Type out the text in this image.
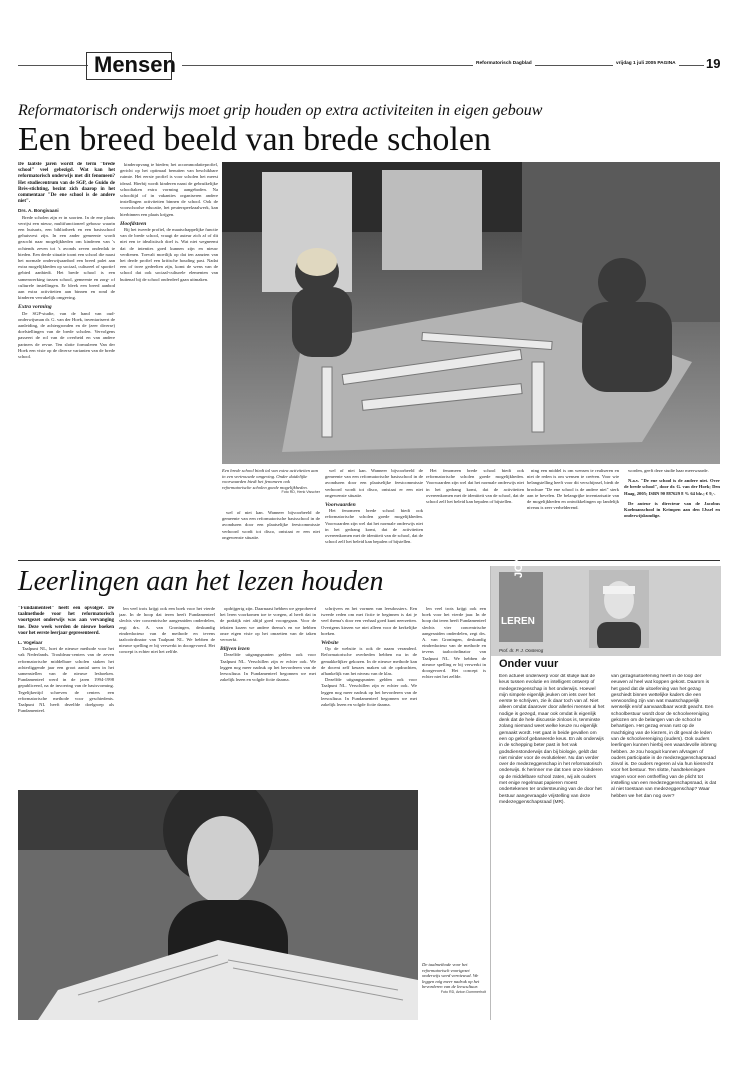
Mensen	Reformatorisch Dagblad	vrijdag 1 juli 2005 PAGINA 19
Reformatorisch onderwijs moet grip houden op extra activiteiten in eigen gebouw
Een breed beeld van brede scholen
De laatste jaren wordt de term "brede school" veel gebezigd. Wat kan het reformatorisch onderwijs met dit fenomeen? Het studiecentrum van de SGP, de Guido de Brès-stichting, bezint zich daarop in het commentaar "De ene school is de andere niet".
Drs. A. Bongivaani

Brede scholen zijn er in soorten. In de ene plaats verrijst een nieuw, multifunctioneel gebouw waarin een huisarts, een bibliotheek en een basisschool gehuisvest zijn. In een ander gemeente wordt gezocht naar mogelijkheden om kinderen van 's ochtends zeven tot 's avonds zeven onderdak te bieden. Een derde situatie toont een school die naast het normale onderwijsaanbod een breed palet aan extra mogelijkheden op sociaal, cultureel of sportief gebied aanbiedt. Het brede school is een samenwerking tussen school, gemeente en zorg- of culturele instellingen. Er bleek een breed aanbod aan extra activiteiten aan binnen en rond de kinderen verrukelijk omgeving.

Extra vorming

De SGP-studie, van de hand van oud-onderwijsman dr. G. van der Hoek, inventariseert de aanleiding, de achtergronden en de (zeer diverse) doelstellingen van de brede scholen. Vervolgens passeert de rol van de overheid en van andere partners de revue. Ten slotte formuleren Van der Hoek een visie op de diverse varianten van de brede school.

kinderopvang te bieden; het accommodatieprofiel, gericht op het optimaal benutten van beschikbare ruimte. Het eerste profiel is voor scholen het meest ideaal. Hierbij wordt kinderen naast de gebruikelijke schooltaken extra vorming aangeboden. Na schooltijd of in vakanties organiseren andere instellingen activiteiten binnen de school. Ook de voorschoolse educatie, het peuterspeelzaalwerk, kan hierbinnen een plaats krijgen.

Hoofdsteen

Bij het tweede profiel, de maatschappelijke functie van de brede school, vraagt de auteur zich af of dit niet een te idealistisch doel is. Wat niet wegneemt dat de intenties goed kunnen zijn en nieuw verdienen. Toevalt moeilijk op dat ten aanzien van het derde profiel een kritische houding past. Nadat een of twee gedeelten zijn, komt de wens van de school dat ook sociaal-culturele elementen van buitenaf bij de school onderdeel gaan uitmaken.

Een brede school biedt tal van extra activiteiten aan in een vertrouwde omgeving. Onder duidelijke voorwaarden biedt het fenomeen ook reformatorische scholen goede mogelijkheden.
Foto RD, Henk Visscher

wel of niet kan. Wanneer bijvoorbeeld de gemeente van een reformatorische basisschool in de avonduren door een plaatselijke feestcommissie verhoord wordt tot disco, ontstaat er een niet ongewenste situatie.

wel of niet kan. Wanneer bijvoorbeeld de gemeente van een reformatorische basisschool in de avonduren door een plaatselijke feestcommissie verhoord wordt tot disco, ontstaat er een niet ongewenste situatie.

Voorwaarden

Het fenomeen brede school biedt ook reformatorische scholen goede mogelijkheden. Voorwaarden zijn wel dat het normale onderwijs niet in het gedrang komt, dat de activiteiten overeenkomen met de identiteit van de school, dat de school zelf het beleid kan bepalen of bijstellen.

Het fenomeen brede school biedt ook reformatorische scholen goede mogelijkheden. Voorwaarden zijn wel dat het normale onderwijs niet in het gedrang komt, dat de activiteiten overeenkomen met de identiteit van de school, dat de school zelf het beleid kan bepalen of bijstellen.

ning een middel is om wensen te realiseren en niet de reden is om wensen te creëren. Voor wie belangstelling heeft voor dit verschijnsel, biedt de brochure "De ene school is de andere niet" sterk aan te bevelen. De belangrijke inventarisatie van de mogelijkheden en ontwikkelingen op landelijk niveau is zeer verhelderend.

worden, geeft deze studie haar meerwaarde.

N.a.v. "De ene school is de andere niet. Over de brede school", door dr. G. van der Hoek; Den Haag, 2005; ISBN 90 887629 8 % 64 blz.; € 9,-.

De auteur is directeur van de Jacobus Koelmanschool in Krimpen aan den IJssel en onderwijskundige.

Leerlingen aan het lezen houden
"Fundamenteel" heeft een opvolger. De taalmethode voor het reformatorisch voortgezet onderwijs was aan vervanging toe. Deze week werden de nieuwe boeken voor het eerste leerjaar gepresenteerd.
L. Vogelaar

Taalpunt NL, hoet de nieuwe methode voor het vak Nederlands. Troubleau-centers van de zeven reformatorische middelbare scholen staken het achterliggende jaar een groot aantal uren in het samenstellen van de nieuwe lesboeken. Fundamenteel werd in de jaren 1994-1998 gepubliceerd, na de invoering van de basisvorming. Tegelijkertijd schreven de centers een reformatorische methode voor geschiedenis. Taalpunt NL heeft dezelfde doelgroep als Fundamenteel.

len veel trots krijgt ook een boek voor het vierde jaar. In de hoop dat ieren heeft Fundamenteel slechts vier concentrische aangesniden onderdelen, zegt drs. A. van Groningen, deskundig eindredacteur van de methode en tevens taalcoördinator van Taalpunt NL. We hebben de nieuwe spelling er bij verwerkt in doorgevoerd. Het concept is echter niet het zelfde.

opdrijgerig zijn. Daarnaast hebben we geprobeerd het leren voorkomen toe te voegen, al heeft dat in de praktijk niet altijd goed voorgegaan. Voor de teksten kozen we andere thema's en we hebben onze eigen visie op het omzetten van de taken verwerkt.

Blijven lezen

Dezelfde uitgangspunten gelden ook voor Taalpunt NL. Verschillen zijn er echter ook. We leggen nog meer nadruk op het bevorderen van de leescultuur. In Fundamenteel begonnen we met zakelijk lezen en volgde fictie daarna.

schrijvers en het vormen van leesdossiers. Een tweede reden om met fictie te beginnen is dat je veel thema's door een verhaal goed kunt neerzetten. Overigens kiezen we niet alleen voor de kerkelijke boeken.

Website

Op de website is ook de naam veranderd. Reformatorische overheden hebben nu in de gemakkelijker gekozen. In de nieuwe methode kan de docent zelf keuzes maken uit de opdrachten, afhankelijk van het niveau van de klas.

Dezelfde uitgangspunten gelden ook voor Taalpunt NL. Verschillen zijn er echter ook. We leggen nog meer nadruk op het bevorderen van de leescultuur. In Fundamenteel begonnen we met zakelijk lezen en volgde fictie daarna.

len veel trots krijgt ook een boek voor het vierde jaar. In de hoop dat ieren heeft Fundamenteel slechts vier concentrische aangesniden onderdelen, zegt drs. A. van Groningen, deskundig eindredacteur van de methode en tevens taalcoördinator van Taalpunt NL. We hebben de nieuwe spelling er bij verwerkt in doorgevoerd. Het concept is echter niet het zelfde.

De taalmethode voor het reformatorisch voortgezet onderwijs werd vernieuwd. We leggen nóg meer nadruk op het bevorderen van de leescultuur.
Foto RD, Anton Dommerholt
JONG
LEREN
Prof. dr. P. J. Oosterog
Onder vuur
Een actueel onderwerp voor dit stukje laat de keus tussen evolutie en intelligent ontwerp of medegezegenschap in het onderwijs. Hoewel mijn simpele eigenlijk jeuken om iets over het eerste te schrijven, zie ik daar toch van af. Niet alleen omdat daarover door allerlei mensen al het nodige is gezegd, maar ook omdat ik eigenlijk denk dat de hele discussie zinloos is, tenminste zolang niemand weet welke keuze nu eigenlijk gemaakt wordt. Het gaat in beide gevallen om een op geloof gebaseerde keus. En als onderwijs in de schepping beter past in het vak godsdienstonderwijs dan bij biologie, geldt dat niet minder voor de evolutieleer. Nu dan verder over de medezeggenschap in het reformatorisch onderwijs. Ik herinner me dat toen onze kinderen op de middelbare school zaten, wij als ouders met enige regelmaat papieren moest ondertekenen ter ondersteuning van de door het bestuur aangevraagde vrijstelling van deze medezeggenschapsraad (MR).
van gezagsuitoefening heeft in de loop der eeuwen al heel wat koppen gekost. Daarom is het goed dat de uitoefening van het gezag geschiedt binnen wettelijke kaders die een verwoording zijn van wat maatschappelijk wenselijk en/of aanvaardbaar wordt geacht. Een schoolbestuur wordt door de schoolvereniging gekozen om de belangen van de school te behartigen. Het gezag ervan rust op de machtiging van de kiezers, in dit geval de leden van de schoolvereniging (ouders). Ook ouders leerlingen kunnen hierbij een waardevolle inbreng hebben. Je zou hooguit kunnen afvragen of ouders participatie in de medezeggenschapsraad zinvol is. De ouders regeren al via hun kiesrecht voor het bestuur. Ten slotte, handtekeningen vragen voor een ontheffing van de plicht tot instelling van een medezeggenschapsraad, is dat al niet toestaan van medezeggenschap? Waar hebben we het dan nog over?
